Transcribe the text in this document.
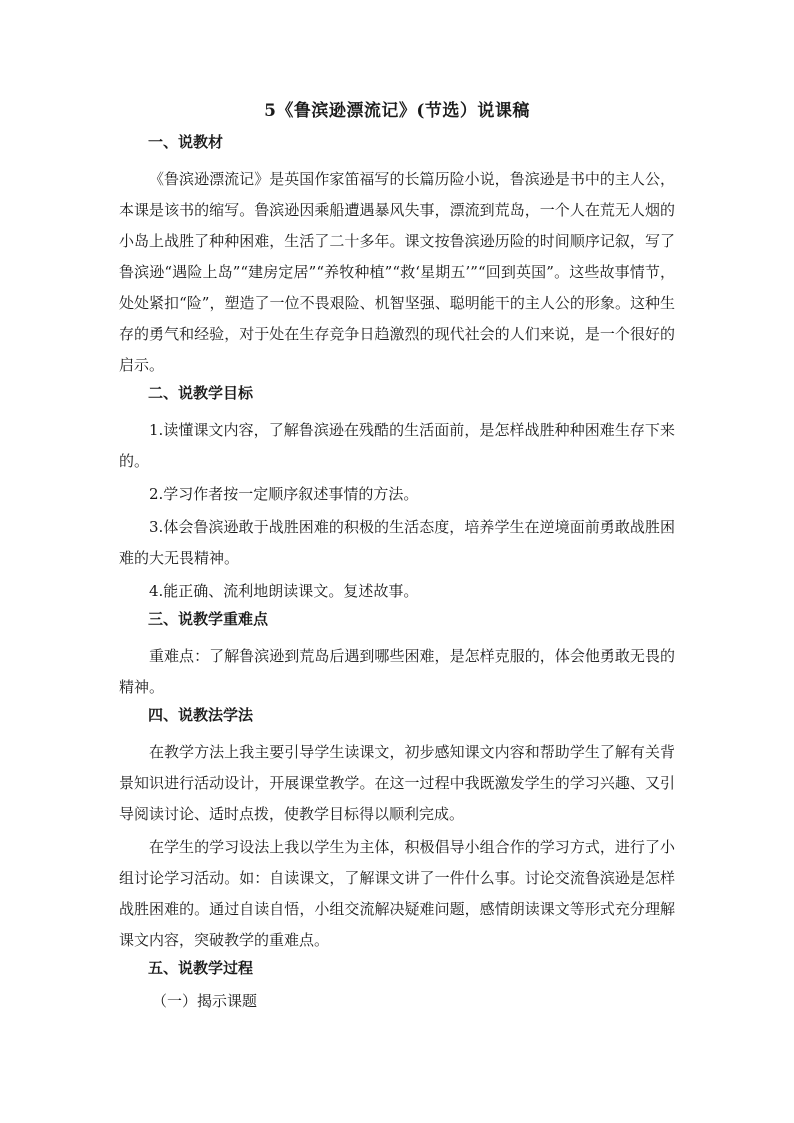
5《鲁滨逊漂流记》(节选）说课稿
一、说教材

《鲁滨逊漂流记》是英国作家笛福写的长篇历险小说，鲁滨逊是书中的主人公，本课是该书的缩写。鲁滨逊因乘船遭遇暴风失事，漂流到荒岛，一个人在荒无人烟的小岛上战胜了种种困难，生活了二十多年。课文按鲁滨逊历险的时间顺序记叙，写了鲁滨逊“遇险上岛”“建房定居”“养牧种植”“救‘星期五’”“回到英国”。这些故事情节，处处紧扣“险”，塑造了一位不畏艰险、机智坚强、聪明能干的主人公的形象。这种生存的勇气和经验，对于处在生存竞争日趋激烈的现代社会的人们来说，是一个很好的启示。

二、说教学目标

1.读懂课文内容，了解鲁滨逊在残酷的生活面前，是怎样战胜种种困难生存下来的。

2.学习作者按一定顺序叙述事情的方法。

3.体会鲁滨逊敢于战胜困难的积极的生活态度，培养学生在逆境面前勇敢战胜困难的大无畏精神。

4.能正确、流利地朗读课文。复述故事。

三、说教学重难点

重难点：了解鲁滨逊到荒岛后遇到哪些困难，是怎样克服的，体会他勇敢无畏的精神。

四、说教法学法

在教学方法上我主要引导学生读课文，初步感知课文内容和帮助学生了解有关背景知识进行活动设计，开展课堂教学。在这一过程中我既激发学生的学习兴趣、又引导阅读讨论、适时点拨，使教学目标得以顺利完成。

在学生的学习设法上我以学生为主体，积极倡导小组合作的学习方式，进行了小组讨论学习活动。如：自读课文，了解课文讲了一件什么事。讨论交流鲁滨逊是怎样战胜困难的。通过自读自悟，小组交流解决疑难问题，感情朗读课文等形式充分理解课文内容，突破教学的重难点。

五、说教学过程

（一）揭示课题
